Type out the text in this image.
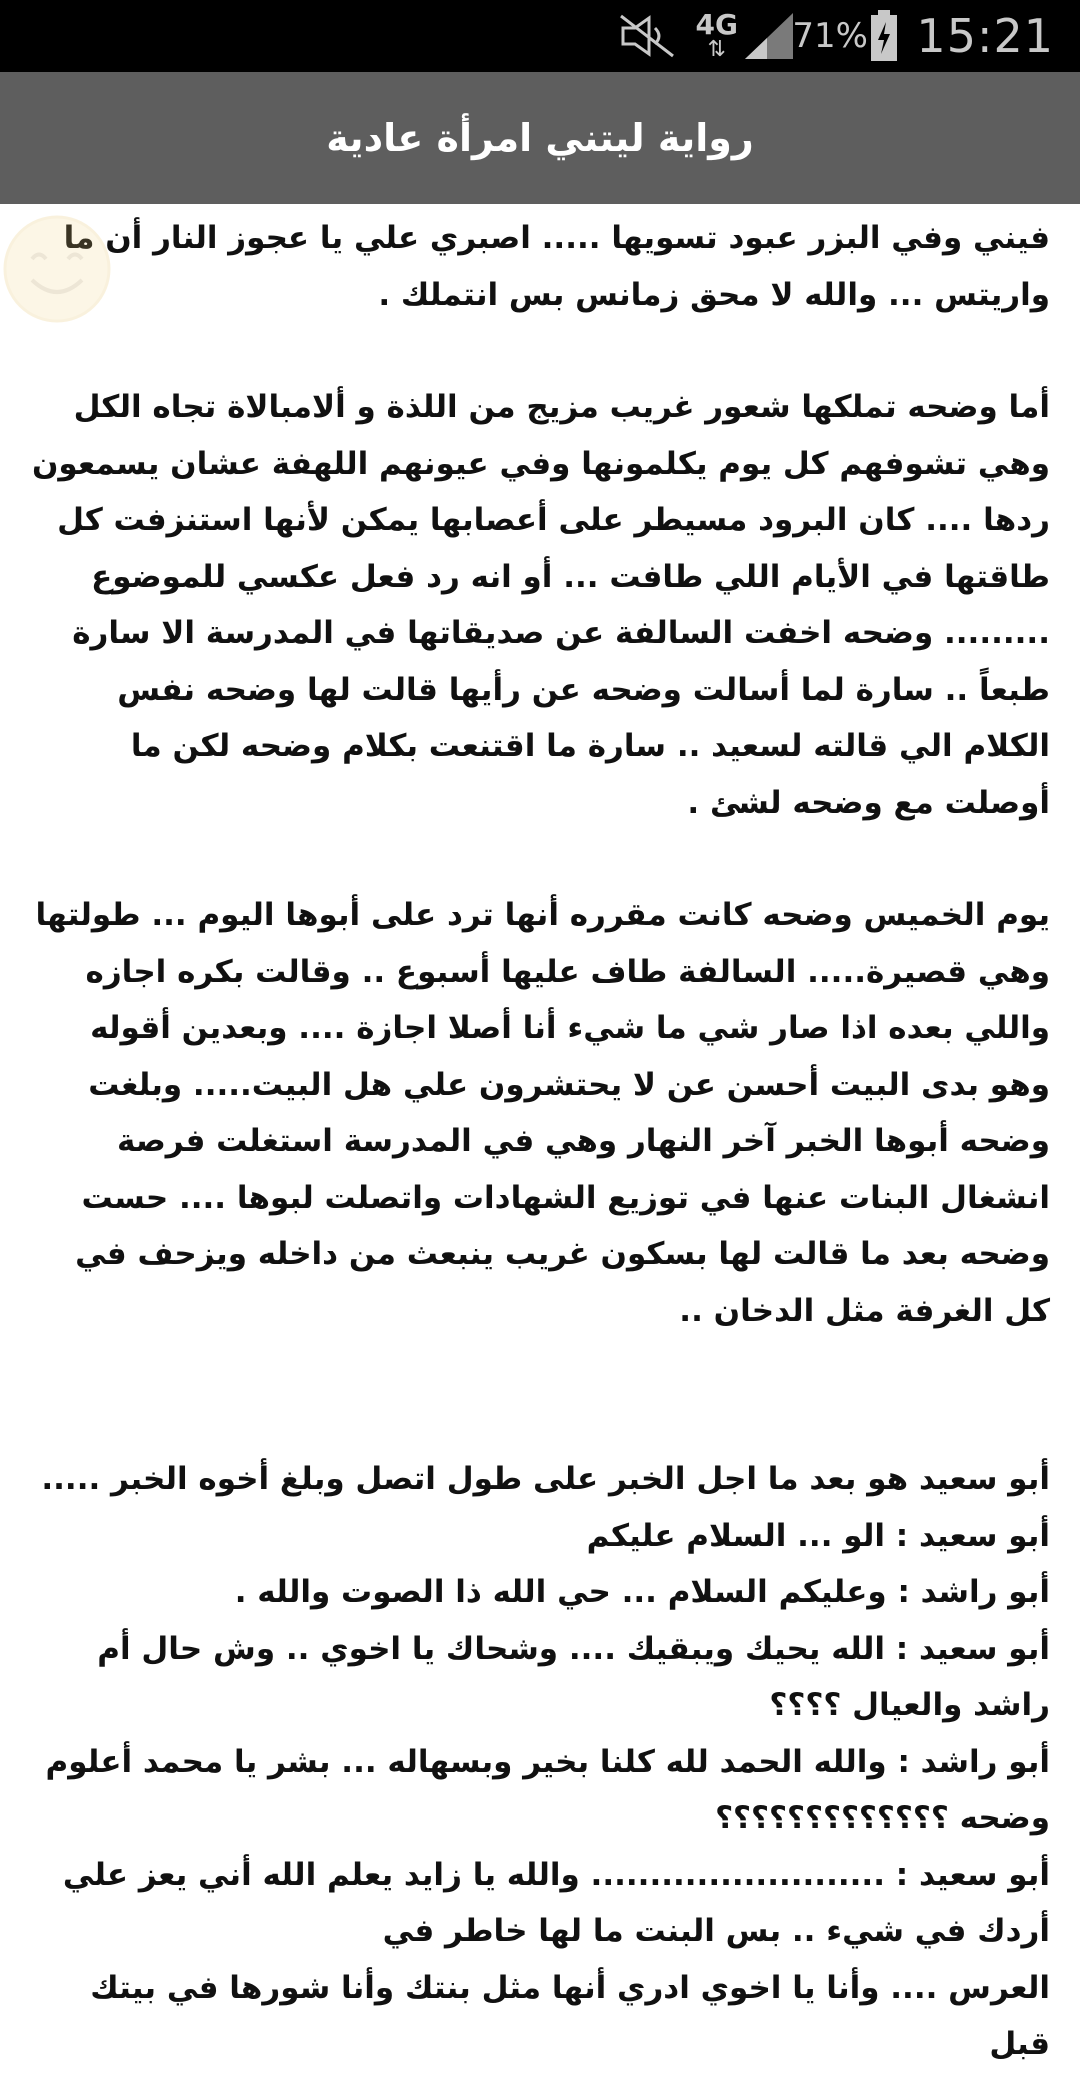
4G
⇅ 71% 15:21
رواية ليتني امرأة عادية

فيني وفي البزر عبود تسويها ..... اصبري علي يا عجوز النار أن ما واريتس ... والله لا محق زمانس بس انتملك .

أما وضحه تملكها شعور غريب مزيج من اللذة و ألامبالاة تجاه الكل وهي تشوفهم كل يوم يكلمونها وفي عيونهم اللهفة عشان يسمعون ردها .... كان البرود مسيطر على أعصابها يمكن لأنها استنزفت كل طاقتها في الأيام اللي طافت ... أو انه رد فعل عكسي للموضوع ......... وضحه اخفت السالفة عن صديقاتها في المدرسة الا سارة طبعاً .. سارة لما أسالت وضحه عن رأيها قالت لها وضحه نفس الكلام الي قالته لسعيد .. سارة ما اقتنعت بكلام وضحه لكن ما أوصلت مع وضحه لشئ .

يوم الخميس وضحه كانت مقرره أنها ترد على أبوها اليوم ... طولتها وهي قصيرة..... السالفة طاف عليها أسبوع .. وقالت بكره اجازه واللي بعده اذا صار شي ما شيء أنا أصلا اجازة .... وبعدين أقوله وهو بدى البيت أحسن عن لا يحتشرون علي هل البيت..... وبلغت وضحه أبوها الخبر آخر النهار وهي في المدرسة استغلت فرصة انشغال البنات عنها في توزيع الشهادات واتصلت لبوها .... حست وضحه بعد ما قالت لها بسكون غريب ينبعث من داخله ويزحف في كل الغرفة مثل الدخان ..

أبو سعيد هو بعد ما اجل الخبر على طول اتصل وبلغ أخوه الخبر .....

أبو سعيد : الو ... السلام عليكم

أبو راشد : وعليكم السلام ... حي الله ذا الصوت والله .

أبو سعيد : الله يحيك ويبقيك .... وشحاك يا اخوي .. وش حال أم راشد والعيال ؟؟؟؟

أبو راشد : والله الحمد لله كلنا بخير وبسهاله ... بشر يا محمد أعلوم وضحه ؟؟؟؟؟؟؟؟؟؟؟؟؟

أبو سعيد : ......................... والله يا زايد يعلم الله أني يعز علي أردك في شيء .. بس البنت ما لها خاطر في

العرس .... وأنا يا اخوي ادري أنها مثل بنتك وأنا شورها في بيتك قبل
